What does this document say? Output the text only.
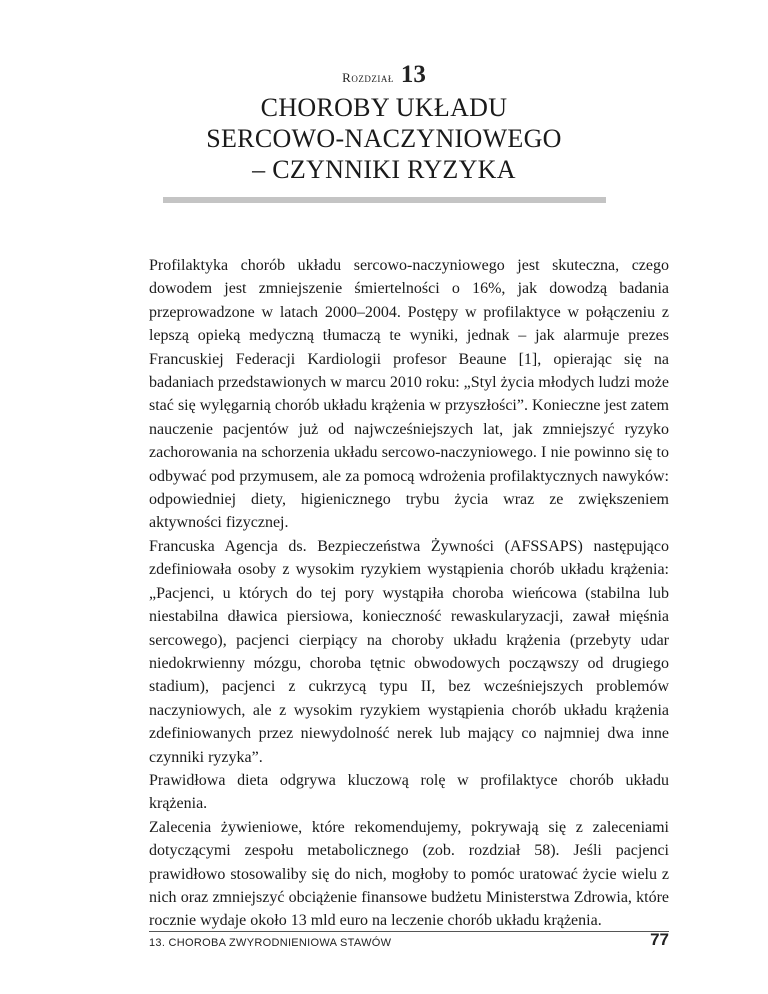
Rozdział 13
CHOROBY UKŁADU
SERCOWO-NACZYNIOWEGO
– CZYNNIKI RYZYKA

Profilaktyka chorób układu sercowo-naczyniowego jest skuteczna, czego dowodem jest zmniejszenie śmiertelności o 16%, jak dowodzą badania przeprowadzone w latach 2000–2004. Postępy w profilaktyce w połączeniu z lepszą opieką medyczną tłumaczą te wyniki, jednak – jak alarmuje prezes Francuskiej Federacji Kardiologii profesor Beaune [1], opierając się na badaniach przedstawionych w marcu 2010 roku: „Styl życia młodych ludzi może stać się wylęgarnią chorób układu krążenia w przyszłości”. Konieczne jest zatem nauczenie pacjentów już od najwcześniejszych lat, jak zmniejszyć ryzyko zachorowania na schorzenia układu sercowo-naczyniowego. I nie powinno się to odbywać pod przymusem, ale za pomocą wdrożenia profilaktycznych nawyków: odpowiedniej diety, higienicznego trybu życia wraz ze zwiększeniem aktywności fizycznej.

Francuska Agencja ds. Bezpieczeństwa Żywności (AFSSAPS) następująco zdefiniowała osoby z wysokim ryzykiem wystąpienia chorób układu krążenia: „Pacjenci, u których do tej pory wystąpiła choroba wieńcowa (stabilna lub niestabilna dławica piersiowa, konieczność rewaskularyzacji, zawał mięśnia sercowego), pacjenci cierpiący na choroby układu krążenia (przebyty udar niedokrwienny mózgu, choroba tętnic obwodowych począwszy od drugiego stadium), pacjenci z cukrzycą typu II, bez wcześniejszych problemów naczyniowych, ale z wysokim ryzykiem wystąpienia chorób układu krążenia zdefiniowanych przez niewydolność nerek lub mający co najmniej dwa inne czynniki ryzyka”.

Prawidłowa dieta odgrywa kluczową rolę w profilaktyce chorób układu krążenia.

Zalecenia żywieniowe, które rekomendujemy, pokrywają się z zaleceniami dotyczącymi zespołu metabolicznego (zob. rozdział 58). Jeśli pacjenci prawidłowo stosowaliby się do nich, mogłoby to pomóc uratować życie wielu z nich oraz zmniejszyć obciążenie finansowe budżetu Ministerstwa Zdrowia, które rocznie wydaje około 13 mld euro na leczenie chorób układu krążenia.

13. CHOROBA ZWYRODNIENIOWA STAWÓW	77
